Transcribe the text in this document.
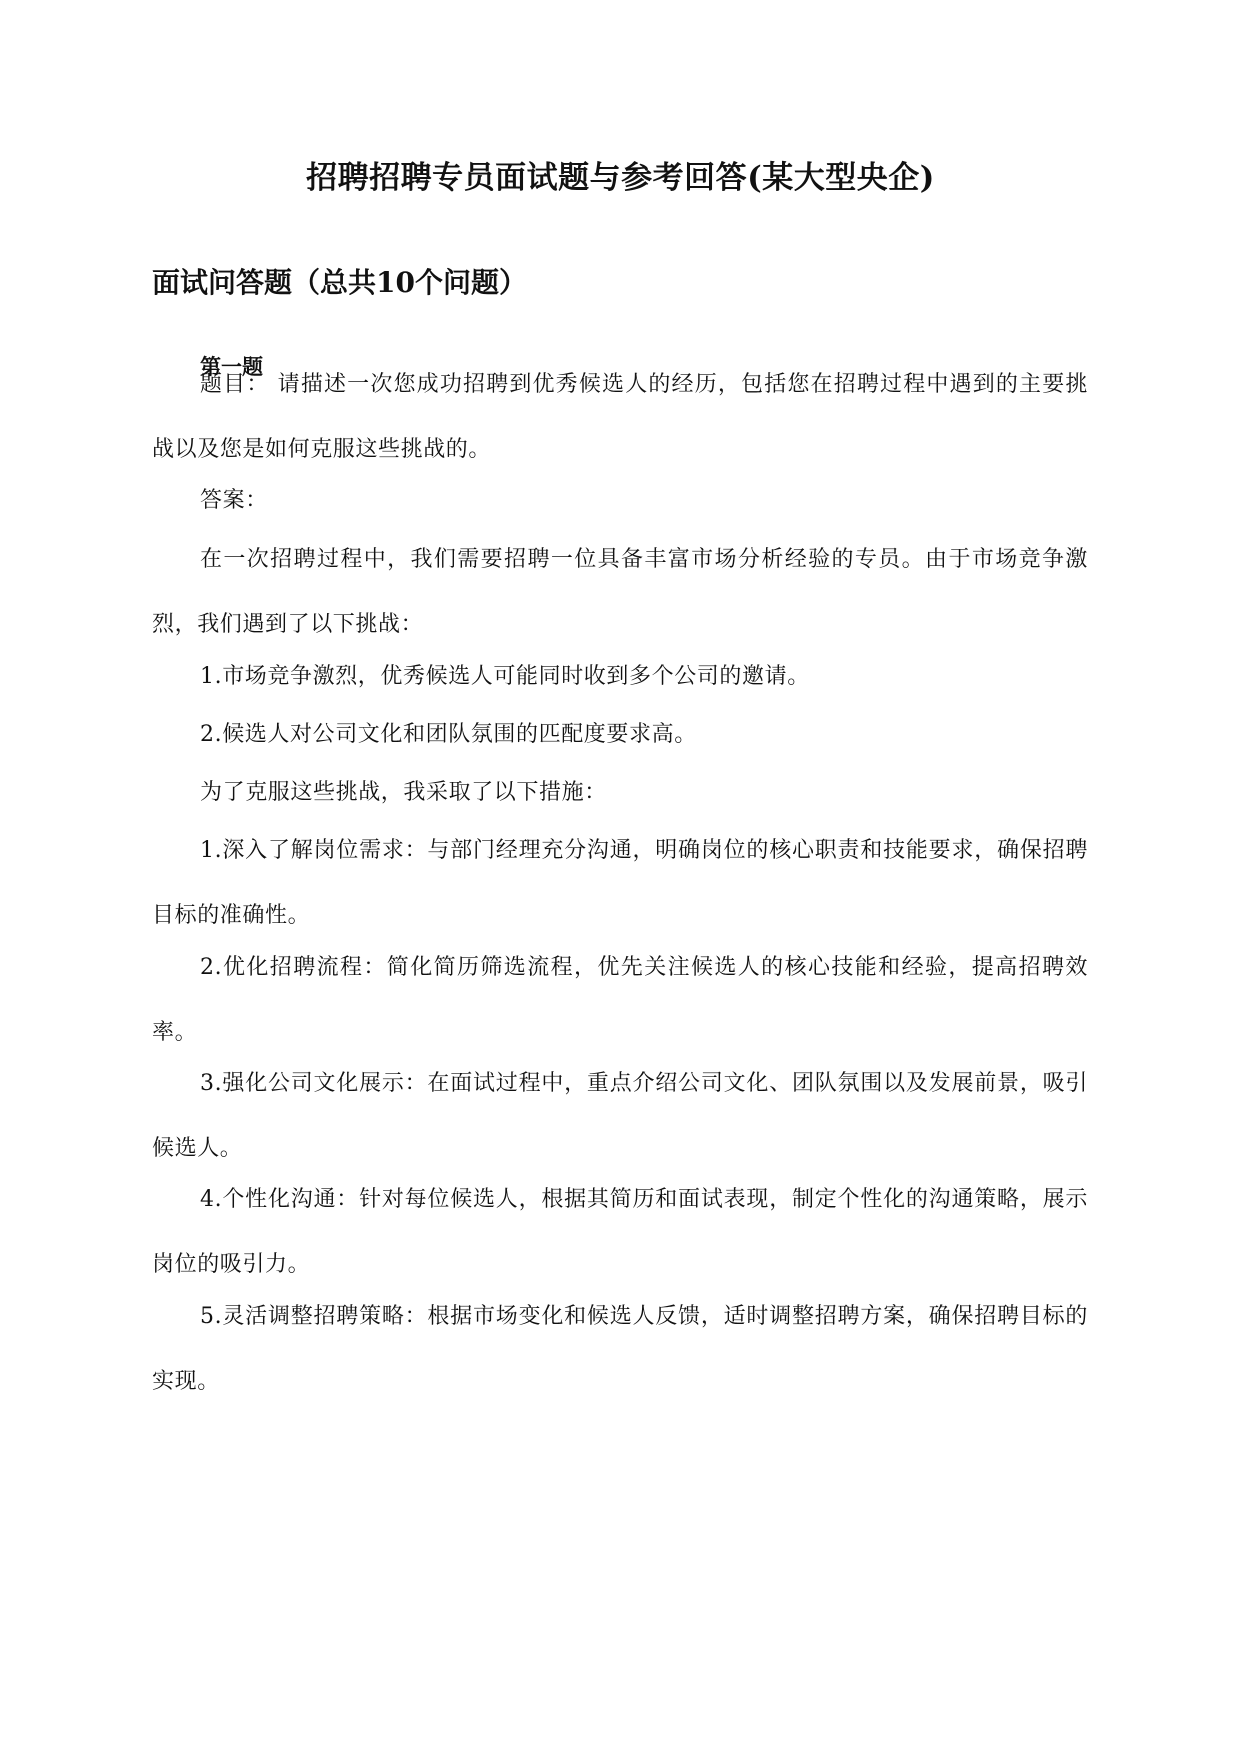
招聘招聘专员面试题与参考回答(某大型央企)
面试问答题（总共10个问题）
第一题

题目： 请描述一次您成功招聘到优秀候选人的经历，包括您在招聘过程中遇到的主要挑战以及您是如何克服这些挑战的。

答案：

在一次招聘过程中，我们需要招聘一位具备丰富市场分析经验的专员。由于市场竞争激烈，我们遇到了以下挑战：

1.市场竞争激烈，优秀候选人可能同时收到多个公司的邀请。

2.候选人对公司文化和团队氛围的匹配度要求高。

为了克服这些挑战，我采取了以下措施：

1.深入了解岗位需求：与部门经理充分沟通，明确岗位的核心职责和技能要求，确保招聘目标的准确性。

2.优化招聘流程：简化简历筛选流程，优先关注候选人的核心技能和经验，提高招聘效率。

3.强化公司文化展示：在面试过程中，重点介绍公司文化、团队氛围以及发展前景，吸引候选人。

4.个性化沟通：针对每位候选人，根据其简历和面试表现，制定个性化的沟通策略，展示岗位的吸引力。

5.灵活调整招聘策略：根据市场变化和候选人反馈，适时调整招聘方案，确保招聘目标的实现。
